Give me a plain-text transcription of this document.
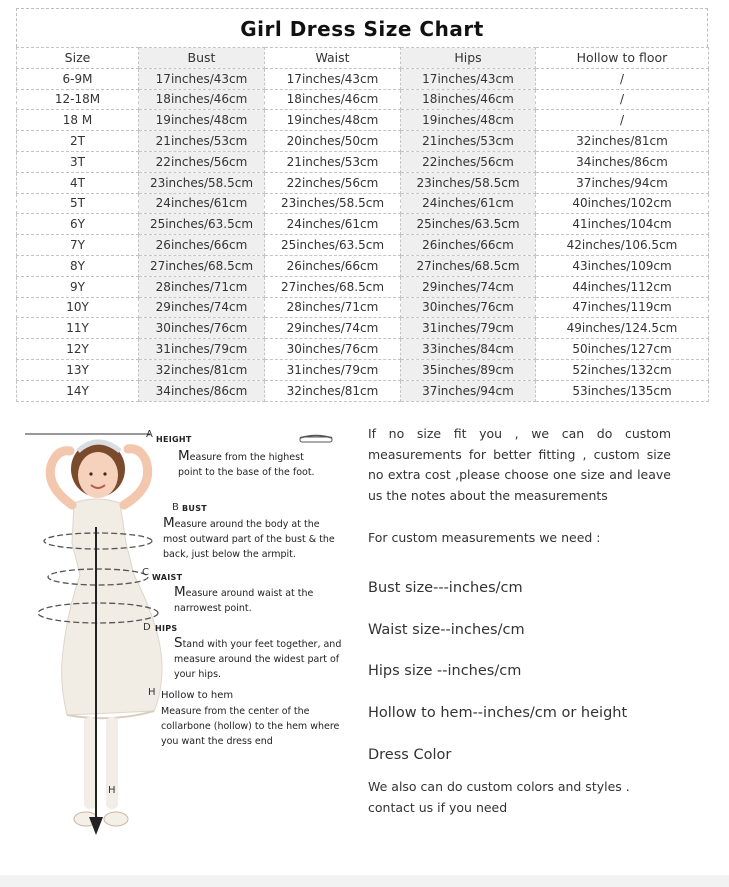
Girl Dress Size Chart
Size	Bust	Waist	Hips	Hollow to floor
6-9M	17inches/43cm	17inches/43cm	17inches/43cm	/
12-18M	18inches/46cm	18inches/46cm	18inches/46cm	/
18 M	19inches/48cm	19inches/48cm	19inches/48cm	/
2T	21inches/53cm	20inches/50cm	21inches/53cm	32inches/81cm
3T	22inches/56cm	21inches/53cm	22inches/56cm	34inches/86cm
4T	23inches/58.5cm	22inches/56cm	23inches/58.5cm	37inches/94cm
5T	24inches/61cm	23inches/58.5cm	24inches/61cm	40inches/102cm
6Y	25inches/63.5cm	24inches/61cm	25inches/63.5cm	41inches/104cm
7Y	26inches/66cm	25inches/63.5cm	26inches/66cm	42inches/106.5cm
8Y	27inches/68.5cm	26inches/66cm	27inches/68.5cm	43inches/109cm
9Y	28inches/71cm	27inches/68.5cm	29inches/74cm	44inches/112cm
10Y	29inches/74cm	28inches/71cm	30inches/76cm	47inches/119cm
11Y	30inches/76cm	29inches/74cm	31inches/79cm	49inches/124.5cm
12Y	31inches/79cm	30inches/76cm	33inches/84cm	50inches/127cm
13Y	32inches/81cm	31inches/79cm	35inches/89cm	52inches/132cm
14Y	34inches/86cm	32inches/81cm	37inches/94cm	53inches/135cm
A HEIGHT
Measure from the highest point to the base of the foot.
B BUST
Measure around the body at the most outward part of the bust & the back, just below the armpit.
C WAIST
Measure around waist at the narrowest point.
D HIPS
Stand with your feet together, and measure around the widest part of your hips.
H Hollow to hem
Measure from the center of the collarbone (hollow) to the hem where you want the dress end
H
If no size fit you , we can do custom measurements for better fitting , custom size no extra cost ,please choose one size and leave us the notes about the measurements
For custom measurements we need :
Bust size---inches/cm
Waist size--inches/cm
Hips size --inches/cm
Hollow to hem--inches/cm or height
Dress Color
We also can do custom colors and styles . contact us if you need
